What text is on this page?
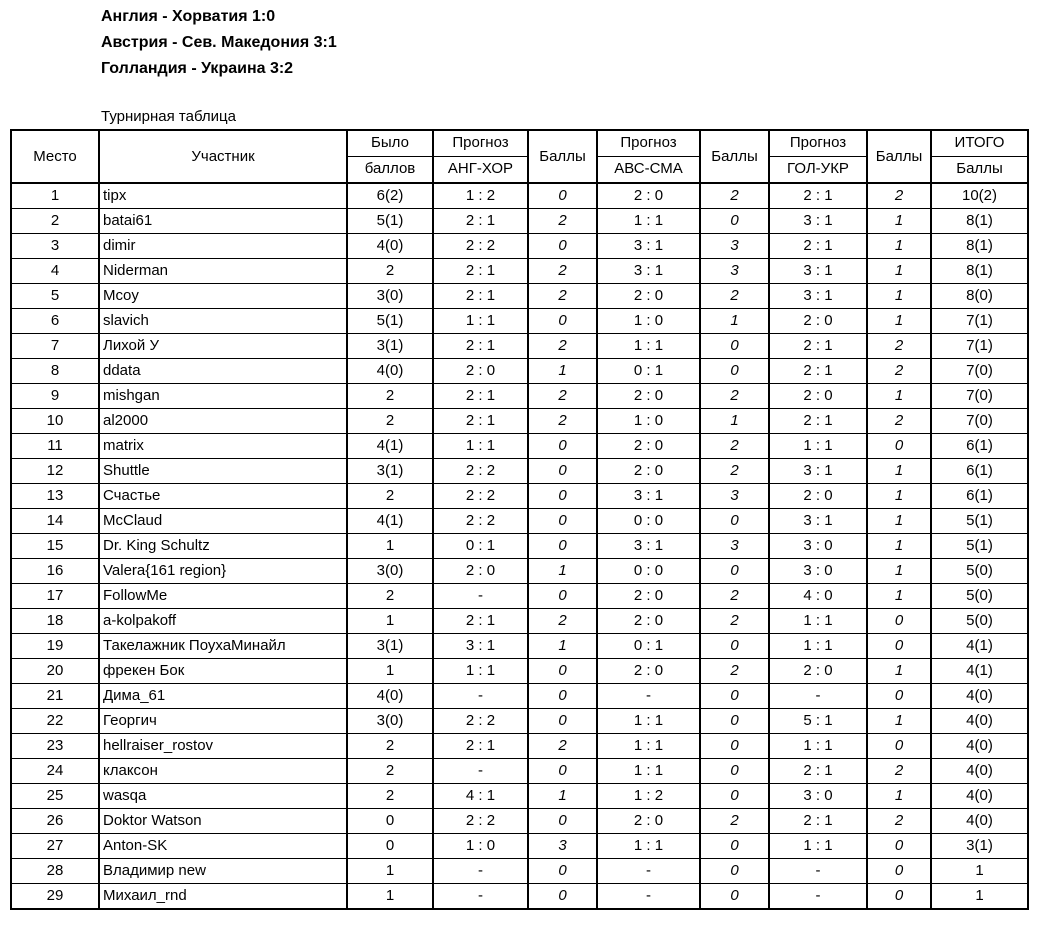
Англия - Хорватия 1:0
Австрия - Сев. Македония 3:1
Голландия - Украина 3:2
Турнирная таблица
Место	Участник	Было	Прогноз	Баллы	Прогноз	Баллы	Прогноз	Баллы	ИТОГО
		баллов	АНГ-ХОР		АВС-СМА		ГОЛ-УКР		Баллы
1	tipx	6(2)	1 : 2	0	2 : 0	2	2 : 1	2	10(2)
2	batai61	5(1)	2 : 1	2	1 : 1	0	3 : 1	1	8(1)
3	dimir	4(0)	2 : 2	0	3 : 1	3	2 : 1	1	8(1)
4	Niderman	2	2 : 1	2	3 : 1	3	3 : 1	1	8(1)
5	Mcoy	3(0)	2 : 1	2	2 : 0	2	3 : 1	1	8(0)
6	slavich	5(1)	1 : 1	0	1 : 0	1	2 : 0	1	7(1)
7	Лихой У	3(1)	2 : 1	2	1 : 1	0	2 : 1	2	7(1)
8	ddata	4(0)	2 : 0	1	0 : 1	0	2 : 1	2	7(0)
9	mishgan	2	2 : 1	2	2 : 0	2	2 : 0	1	7(0)
10	al2000	2	2 : 1	2	1 : 0	1	2 : 1	2	7(0)
11	matrix	4(1)	1 : 1	0	2 : 0	2	1 : 1	0	6(1)
12	Shuttle	3(1)	2 : 2	0	2 : 0	2	3 : 1	1	6(1)
13	Счастье	2	2 : 2	0	3 : 1	3	2 : 0	1	6(1)
14	McClaud	4(1)	2 : 2	0	0 : 0	0	3 : 1	1	5(1)
15	Dr. King Schultz	1	0 : 1	0	3 : 1	3	3 : 0	1	5(1)
16	Valera{161 region}	3(0)	2 : 0	1	0 : 0	0	3 : 0	1	5(0)
17	FollowMe	2	-	0	2 : 0	2	4 : 0	1	5(0)
18	a-kolpakoff	1	2 : 1	2	2 : 0	2	1 : 1	0	5(0)
19	Такелажник ПоухаМинайл	3(1)	3 : 1	1	0 : 1	0	1 : 1	0	4(1)
20	фрекен Бок	1	1 : 1	0	2 : 0	2	2 : 0	1	4(1)
21	Дима_61	4(0)	-	0	-	0	-	0	4(0)
22	Георгич	3(0)	2 : 2	0	1 : 1	0	5 : 1	1	4(0)
23	hellraiser_rostov	2	2 : 1	2	1 : 1	0	1 : 1	0	4(0)
24	клаксон	2	-	0	1 : 1	0	2 : 1	2	4(0)
25	wasqa	2	4 : 1	1	1 : 2	0	3 : 0	1	4(0)
26	Doktor Watson	0	2 : 2	0	2 : 0	2	2 : 1	2	4(0)
27	Anton-SK	0	1 : 0	3	1 : 1	0	1 : 1	0	3(1)
28	Владимир new	1	-	0	-	0	-	0	1
29	Михаил_rnd	1	-	0	-	0	-	0	1
